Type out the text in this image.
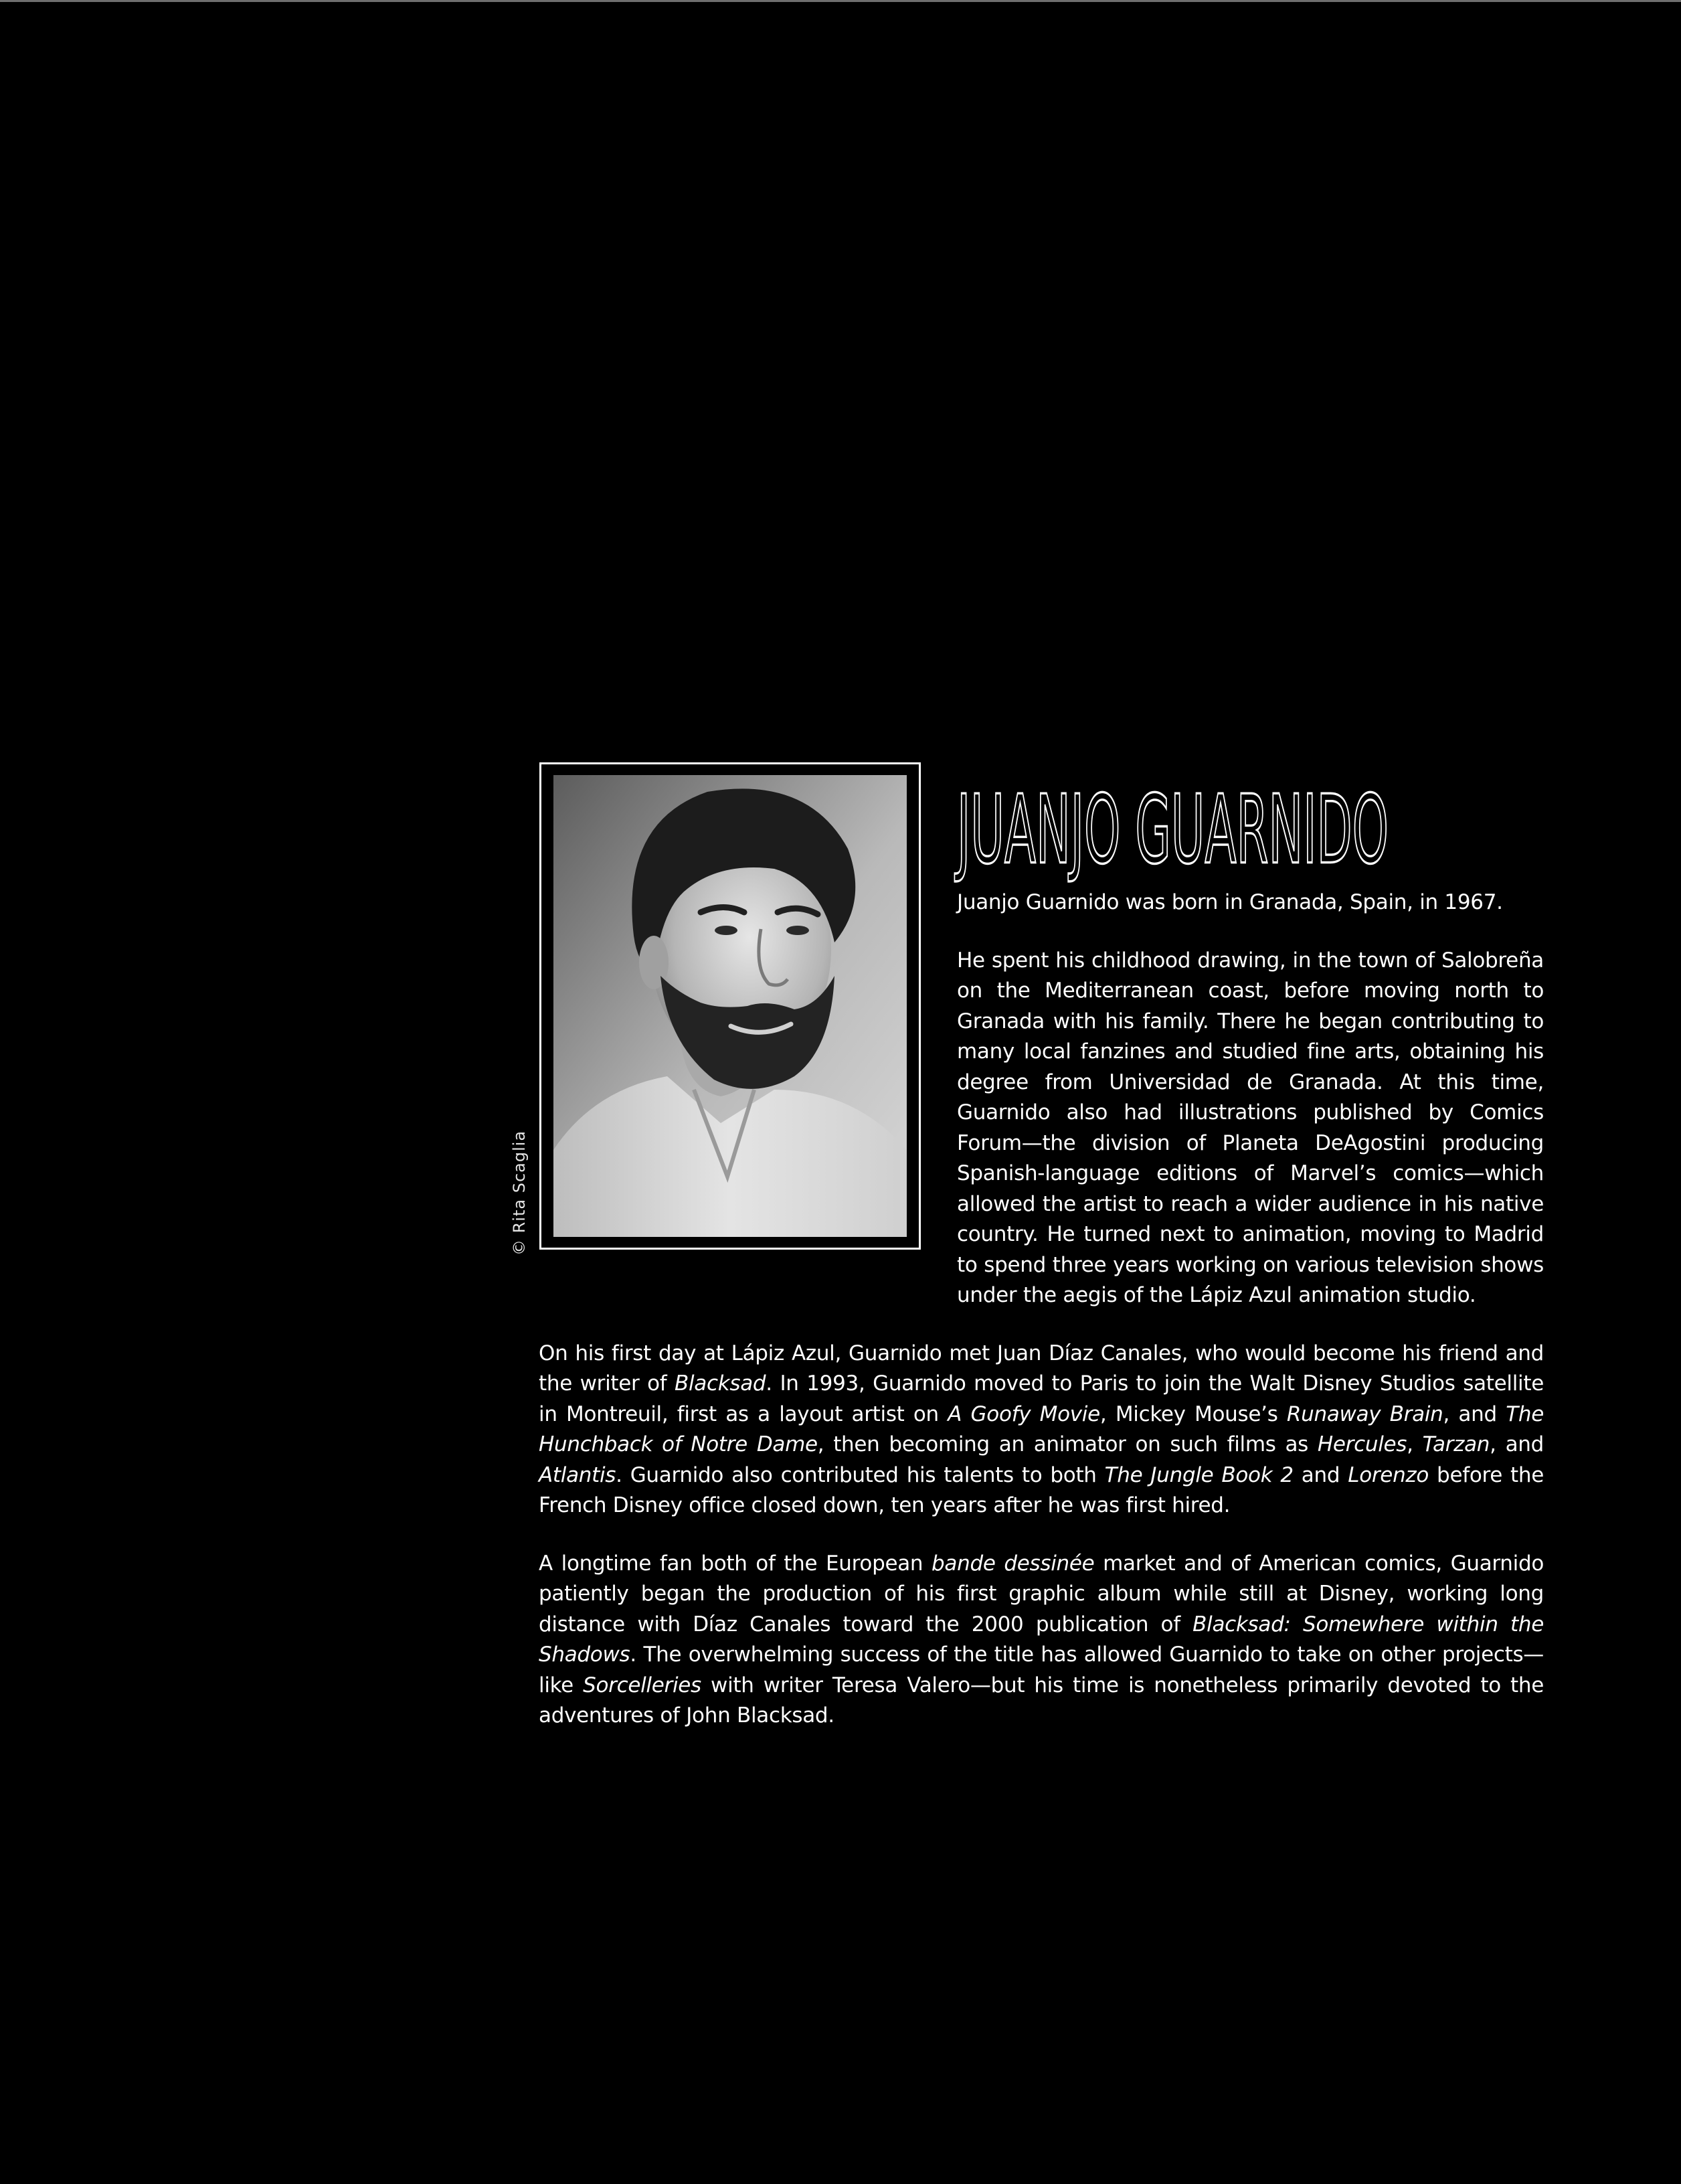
© Rita Scaglia
JUANJO GUARNIDO

Juanjo Guarnido was born in Granada, Spain, in 1967.

He spent his childhood drawing, in the town of Salobreña on the Mediterranean coast, before moving north to Granada with his family. There he began contributing to many local fanzines and studied fine arts, obtaining his degree from Universidad de Granada. At this time, Guarnido also had illustrations published by Comics Forum—the division of Planeta DeAgostini producing Spanish-language editions of Marvel’s comics—which allowed the artist to reach a wider audience in his native country. He turned next to animation, moving to Madrid to spend three years working on various television shows under the aegis of the Lápiz Azul animation studio.

On his first day at Lápiz Azul, Guarnido met Juan Díaz Canales, who would become his friend and the writer of Blacksad. In 1993, Guarnido moved to Paris to join the Walt Disney Studios satellite in Montreuil, first as a layout artist on A Goofy Movie, Mickey Mouse’s Runaway Brain, and The Hunchback of Notre Dame, then becoming an animator on such films as Hercules, Tarzan, and Atlantis. Guarnido also contributed his talents to both The Jungle Book 2 and Lorenzo before the French Disney office closed down, ten years after he was first hired.

A longtime fan both of the European bande dessinée market and of American comics, Guarnido patiently began the production of his first graphic album while still at Disney, working long distance with Díaz Canales toward the 2000 publication of Blacksad: Somewhere within the Shadows. The overwhelming success of the title has allowed Guarnido to take on other projects—like Sorcelleries with writer Teresa Valero—but his time is nonetheless primarily devoted to the adventures of John Blacksad.
